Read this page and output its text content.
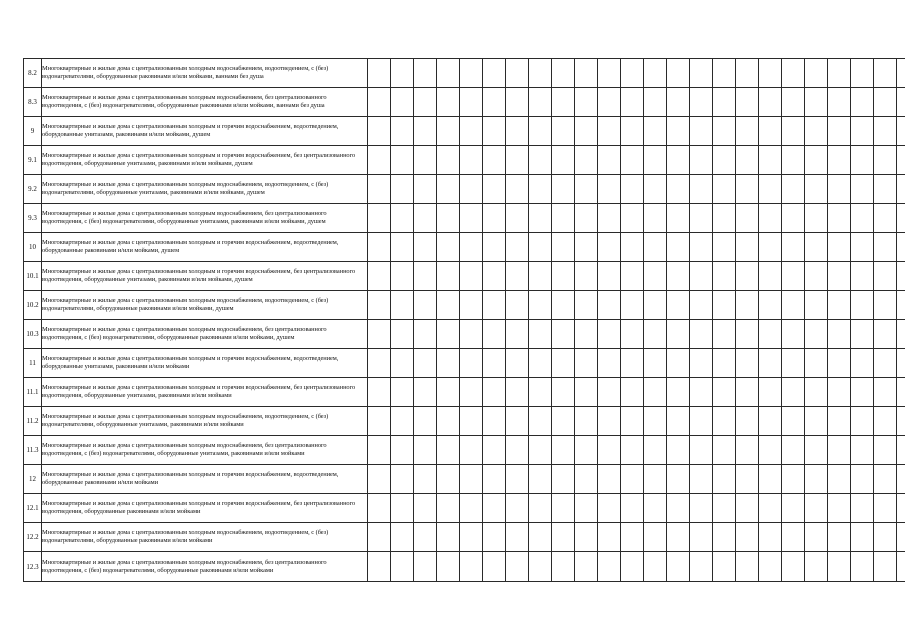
8.2	Многоквартирные и жилые дома с централизованным холодным водоснабжением, водоотведением, с (без) водонагревателями, оборудованные раковинами и/или мойками, ваннами без душа																								
8.3	Многоквартирные и жилые дома с централизованным холодным водоснабжением, без централизованного водоотведения, с (без) водонагревателями, оборудованные раковинами и/или мойками, ваннами без душа																								
9	Многоквартирные и жилые дома с централизованным холодным и горячим водоснабжением, водоотведением, оборудованные унитазами, раковинами и/или мойками, душем																								
9.1	Многоквартирные и жилые дома с централизованным холодным и горячим водоснабжением, без централизованного водоотведения, оборудованные унитазами, раковинами и/или мойками, душем																								
9.2	Многоквартирные и жилые дома с централизованным холодным водоснабжением, водоотведением, с (без) водонагревателями, оборудованные унитазами, раковинами и/или мойками, душем																								
9.3	Многоквартирные и жилые дома с централизованным холодным водоснабжением, без централизованного водоотведения, с (без) водонагревателями, оборудованные унитазами, раковинами и/или мойками, душем																								
10	Многоквартирные и жилые дома с централизованным холодным и горячим водоснабжением, водоотведением, оборудованные раковинами и/или мойками, душем																								
10.1	Многоквартирные и жилые дома с централизованным холодным и горячим водоснабжением, без централизованного водоотведения, оборудованные унитазами, раковинами и/или мойками, душем																								
10.2	Многоквартирные и жилые дома с централизованным холодным водоснабжением, водоотведением, с (без) водонагревателями, оборудованные раковинами и/или мойками, душем																								
10.3	Многоквартирные и жилые дома с централизованным холодным водоснабжением, без централизованного водоотведения, с (без) водонагревателями, оборудованные раковинами и/или мойками, душем																								
11	Многоквартирные и жилые дома с централизованным холодным и горячим водоснабжением, водоотведением, оборудованные унитазами, раковинами и/или мойками																								
11.1	Многоквартирные и жилые дома с централизованным холодным и горячим водоснабжением, без централизованного водоотведения, оборудованные унитазами, раковинами и/или мойками																								
11.2	Многоквартирные и жилые дома с централизованным холодным водоснабжением, водоотведением, с (без) водонагревателями, оборудованные унитазами, раковинами и/или мойками																								
11.3	Многоквартирные и жилые дома с централизованным холодным водоснабжением, без централизованного водоотведения, с (без) водонагревателями, оборудованные унитазами, раковинами и/или мойками																								
12	Многоквартирные и жилые дома с централизованным холодным и горячим водоснабжением, водоотведением, оборудованные раковинами и/или мойками																								
12.1	Многоквартирные и жилые дома с централизованным холодным и горячим водоснабжением, без централизованного водоотведения, оборудованные раковинами и/или мойками																								
12.2	Многоквартирные и жилые дома с централизованным холодным водоснабжением, водоотведением, с (без) водонагревателями, оборудованные раковинами и/или мойками																								
12.3	Многоквартирные и жилые дома с централизованным холодным водоснабжением, без централизованного водоотведения, с (без) водонагревателями, оборудованные раковинами и/или мойками																								
